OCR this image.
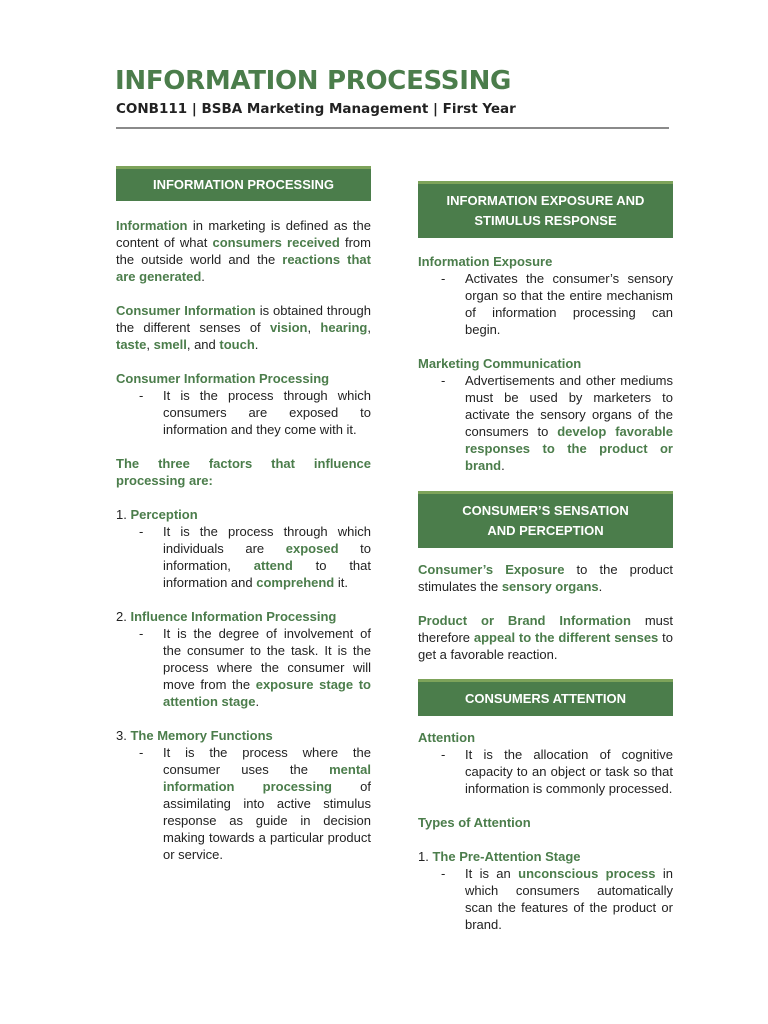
INFORMATION PROCESSING
CONB111 | BSBA Marketing Management | First Year
INFORMATION PROCESSING

Information in marketing is defined as the content of what consumers received from the outside world and the reactions that are generated.

Consumer Information is obtained through the different senses of vision, hearing, taste, smell, and touch.

Consumer Information Processing

-	It is the process through which consumers are exposed to information and they come with it.

The three factors that influence processing are:

1. Perception

-	It is the process through which individuals are exposed to information, attend to that information and comprehend it.

2. Influence Information Processing

-	It is the degree of involvement of the consumer to the task. It is the process where the consumer will move from the exposure stage to attention stage.

3. The Memory Functions

-	It is the process where the consumer uses the mental information processing of assimilating into active stimulus response as guide in decision making towards a particular product or service.
INFORMATION EXPOSURE AND STIMULUS RESPONSE

Information Exposure

-	Activates the consumer’s sensory organ so that the entire mechanism of information processing can begin.

Marketing Communication

-	Advertisements and other mediums must be used by marketers to activate the sensory organs of the consumers to develop favorable responses to the product or brand.
CONSUMER’S SENSATION
AND PERCEPTION

Consumer’s Exposure to the product stimulates the sensory organs.

Product or Brand Information must therefore appeal to the different senses to get a favorable reaction.

CONSUMERS ATTENTION

Attention

-	It is the allocation of cognitive capacity to an object or task so that information is commonly processed.

Types of Attention

1. The Pre-Attention Stage

-	It is an unconscious process in which consumers automatically scan the features of the product or brand.
